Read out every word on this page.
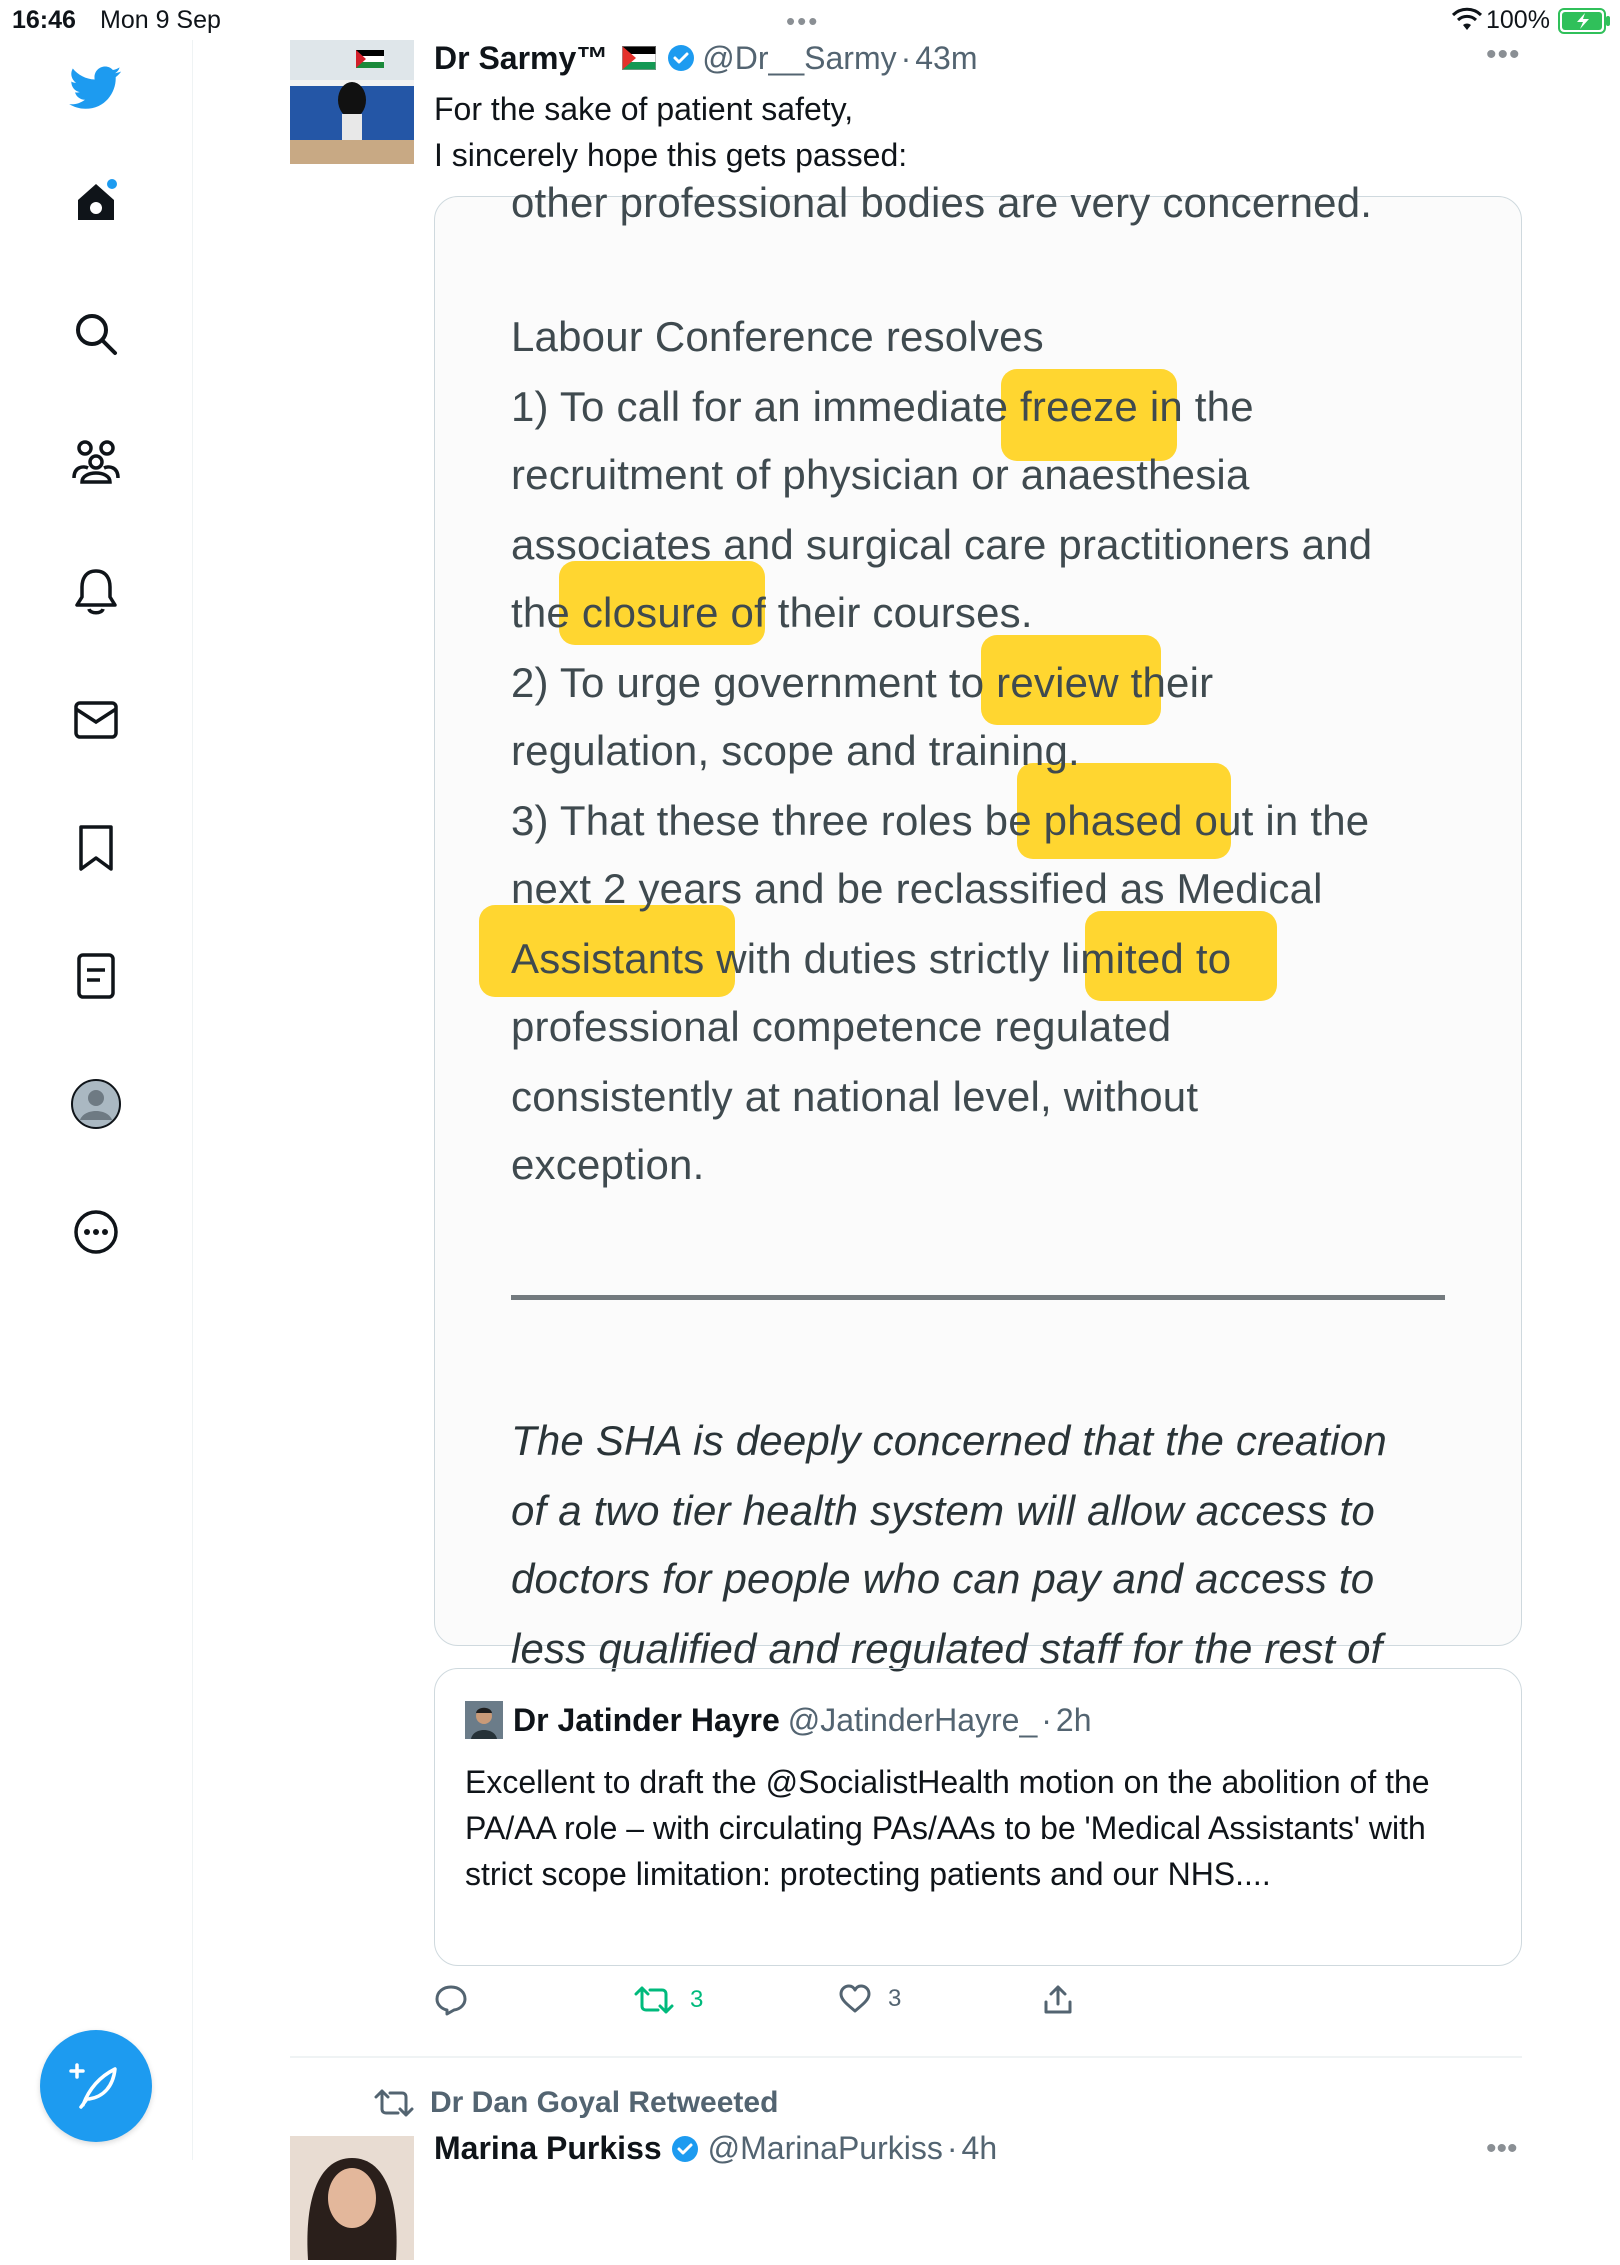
16:46 Mon 9 Sep	•••	100%
Dr Sarmy™	@Dr__Sarmy · 43m	•••
For the sake of patient safety,
I sincerely hope this gets passed:
other professional bodies are very concerned.
Labour Conference resolves
1) To call for an immediate freeze in the
recruitment of physician or anaesthesia
associates and surgical care practitioners and
the closure of their courses.
2) To urge government to review their
regulation, scope and training.
3) That these three roles be phased out in the
next 2 years and be reclassified as Medical
Assistants with duties strictly limited to
professional competence regulated
consistently at national level, without
exception.
The SHA is deeply concerned that the creation
of a two tier health system will allow access to
doctors for people who can pay and access to
less qualified and regulated staff for the rest of
Dr Jatinder Hayre @JatinderHayre_ · 2h
Excellent to draft the @SocialistHealth motion on the abolition of the PA/AA role – with circulating PAs/AAs to be 'Medical Assistants' with strict scope limitation: protecting patients and our NHS....
3	3
Dr Dan Goyal Retweeted
Marina Purkiss @MarinaPurkiss · 4h	•••
